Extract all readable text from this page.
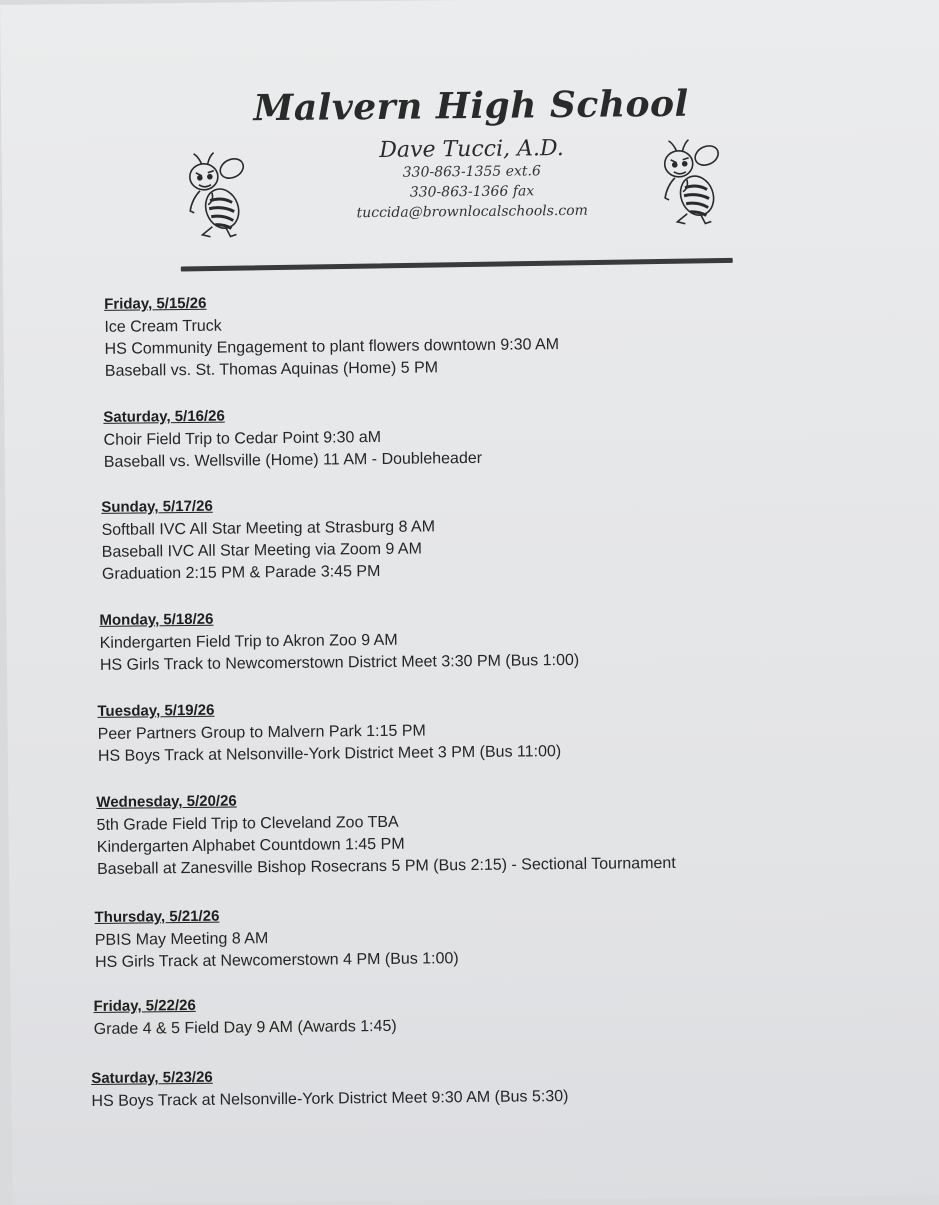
Malvern High School
Dave Tucci, A.D.
330-863-1355 ext.6
330-863-1366 fax
tuccida@brownlocalschools.com
Friday, 5/15/26
Ice Cream Truck
HS Community Engagement to plant flowers downtown 9:30 AM
Baseball vs. St. Thomas Aquinas (Home) 5 PM
Saturday, 5/16/26
Choir Field Trip to Cedar Point 9:30 aM
Baseball vs. Wellsville (Home) 11 AM - Doubleheader
Sunday, 5/17/26
Softball IVC All Star Meeting at Strasburg 8 AM
Baseball IVC All Star Meeting via Zoom 9 AM
Graduation 2:15 PM & Parade 3:45 PM
Monday, 5/18/26
Kindergarten Field Trip to Akron Zoo 9 AM
HS Girls Track to Newcomerstown District Meet 3:30 PM (Bus 1:00)
Tuesday, 5/19/26
Peer Partners Group to Malvern Park 1:15 PM
HS Boys Track at Nelsonville-York District Meet 3 PM (Bus 11:00)
Wednesday, 5/20/26
5th Grade Field Trip to Cleveland Zoo TBA
Kindergarten Alphabet Countdown 1:45 PM
Baseball at Zanesville Bishop Rosecrans 5 PM (Bus 2:15) - Sectional Tournament
Thursday, 5/21/26
PBIS May Meeting 8 AM
HS Girls Track at Newcomerstown 4 PM (Bus 1:00)
Friday, 5/22/26
Grade 4 & 5 Field Day 9 AM (Awards 1:45)
Saturday, 5/23/26
HS Boys Track at Nelsonville-York District Meet 9:30 AM (Bus 5:30)
